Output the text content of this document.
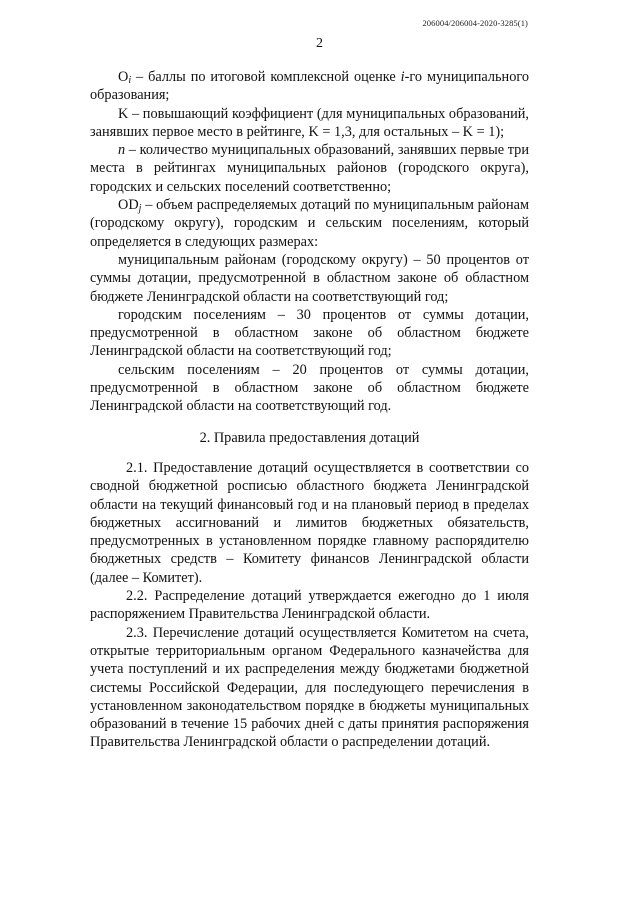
206004/206004-2020-3285(1)
2

$O_i$ – баллы по итоговой комплексной оценке i-го муниципального образования;

K – повышающий коэффициент (для муниципальных образований, занявших первое место в рейтинге, K = 1,3, для остальных – K = 1);

n – количество муниципальных образований, занявших первые три места в рейтингах муниципальных районов (городского округа), городских и сельских поселений соответственно;

$OD_j$ – объем распределяемых дотаций по муниципальным районам (городскому округу), городским и сельским поселениям, который определяется в следующих размерах:

муниципальным районам (городскому округу) – 50 процентов от суммы дотации, предусмотренной в областном законе об областном бюджете Ленинградской области на соответствующий год;

городским поселениям – 30 процентов от суммы дотации, предусмотренной в областном законе об областном бюджете Ленинградской области на соответствующий год;

сельским поселениям – 20 процентов от суммы дотации, предусмотренной в областном законе об областном бюджете Ленинградской области на соответствующий год.

2. Правила предоставления дотаций

2.1. Предоставление дотаций осуществляется в соответствии со сводной бюджетной росписью областного бюджета Ленинградской области на текущий финансовый год и на плановый период в пределах бюджетных ассигнований и лимитов бюджетных обязательств, предусмотренных в установленном порядке главному распорядителю бюджетных средств – Комитету финансов Ленинградской области (далее – Комитет).

2.2. Распределение дотаций утверждается ежегодно до 1 июля распоряжением Правительства Ленинградской области.

2.3. Перечисление дотаций осуществляется Комитетом на счета, открытые территориальным органом Федерального казначейства для учета поступлений и их распределения между бюджетами бюджетной системы Российской Федерации, для последующего перечисления в установленном законодательством порядке в бюджеты муниципальных образований в течение 15 рабочих дней с даты принятия распоряжения Правительства Ленинградской области о распределении дотаций.
